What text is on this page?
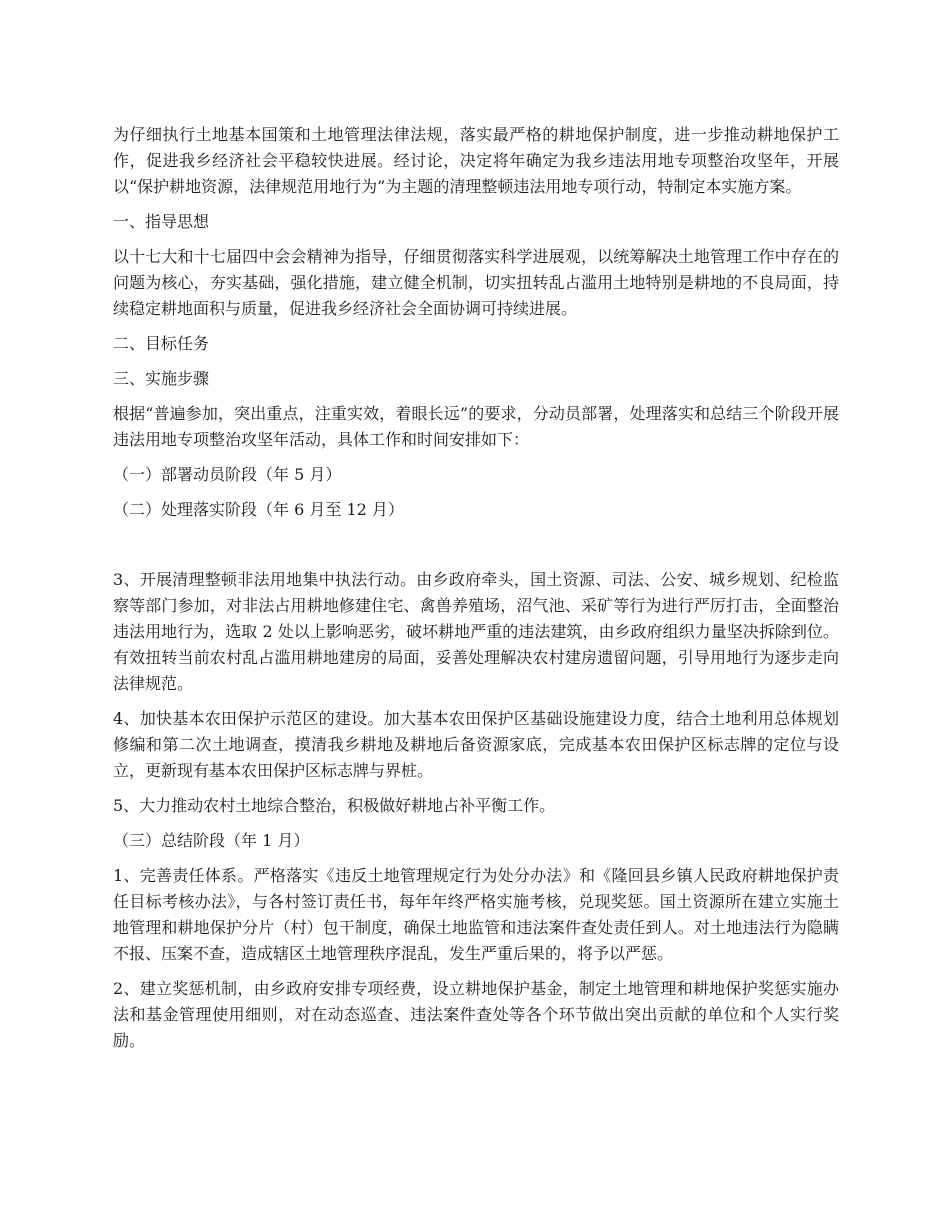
为仔细执行土地基本国策和土地管理法律法规，落实最严格的耕地保护制度，进一步推动耕地保护工作，促进我乡经济社会平稳较快进展。经讨论，决定将年确定为我乡违法用地专项整治攻坚年，开展以“保护耕地资源，法律规范用地行为”为主题的清理整顿违法用地专项行动，特制定本实施方案。

一、指导思想

以十七大和十七届四中会会精神为指导，仔细贯彻落实科学进展观，以统筹解决土地管理工作中存在的问题为核心，夯实基础，强化措施，建立健全机制，切实扭转乱占滥用土地特别是耕地的不良局面，持续稳定耕地面积与质量，促进我乡经济社会全面协调可持续进展。

二、目标任务

三、实施步骤

根据“普遍参加，突出重点，注重实效，着眼长远”的要求，分动员部署，处理落实和总结三个阶段开展违法用地专项整治攻坚年活动，具体工作和时间安排如下：

（一）部署动员阶段（年 5 月）

（二）处理落实阶段（年 6 月至 12 月）

3、开展清理整顿非法用地集中执法行动。由乡政府牵头，国土资源、司法、公安、城乡规划、纪检监察等部门参加，对非法占用耕地修建住宅、禽兽养殖场，沼气池、采矿等行为进行严厉打击，全面整治违法用地行为，选取 2 处以上影响恶劣，破坏耕地严重的违法建筑，由乡政府组织力量坚决拆除到位。有效扭转当前农村乱占滥用耕地建房的局面，妥善处理解决农村建房遗留问题，引导用地行为逐步走向法律规范。

4、加快基本农田保护示范区的建设。加大基本农田保护区基础设施建设力度，结合土地利用总体规划修编和第二次土地调查，摸清我乡耕地及耕地后备资源家底，完成基本农田保护区标志牌的定位与设立，更新现有基本农田保护区标志牌与界桩。

5、大力推动农村土地综合整治，积极做好耕地占补平衡工作。

（三）总结阶段（年 1 月）

1、完善责任体系。严格落实《违反土地管理规定行为处分办法》和《隆回县乡镇人民政府耕地保护责任目标考核办法》，与各村签订责任书，每年年终严格实施考核，兑现奖惩。国土资源所在建立实施土地管理和耕地保护分片（村）包干制度，确保土地监管和违法案件查处责任到人。对土地违法行为隐瞒不报、压案不查，造成辖区土地管理秩序混乱，发生严重后果的，将予以严惩。

2、建立奖惩机制，由乡政府安排专项经费，设立耕地保护基金，制定土地管理和耕地保护奖惩实施办法和基金管理使用细则，对在动态巡查、违法案件查处等各个环节做出突出贡献的单位和个人实行奖励。
